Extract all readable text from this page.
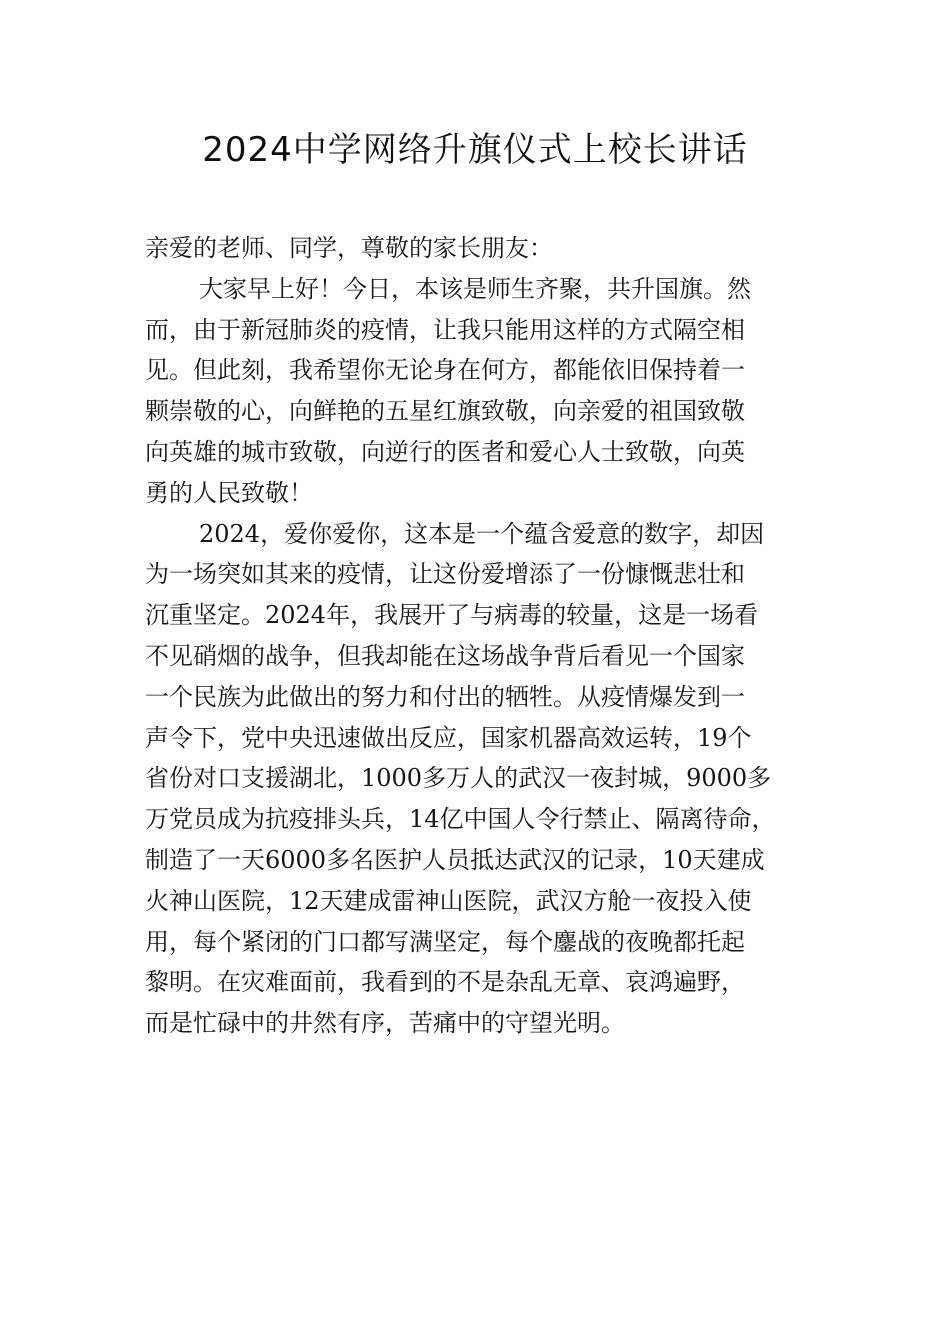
2024中学网络升旗仪式上校长讲话
亲爱的老师、同学，尊敬的家长朋友：
大家早上好！今日，本该是师生齐聚，共升国旗。然
而，由于新冠肺炎的疫情，让我只能用这样的方式隔空相
见。但此刻，我希望你无论身在何方，都能依旧保持着一
颗崇敬的心，向鲜艳的五星红旗致敬，向亲爱的祖国致敬
向英雄的城市致敬，向逆行的医者和爱心人士致敬，向英
勇的人民致敬！
2024，爱你爱你，这本是一个蕴含爱意的数字，却因
为一场突如其来的疫情，让这份爱增添了一份慷慨悲壮和
沉重坚定。2024年，我展开了与病毒的较量，这是一场看
不见硝烟的战争，但我却能在这场战争背后看见一个国家
一个民族为此做出的努力和付出的牺牲。从疫情爆发到一
声令下，党中央迅速做出反应，国家机器高效运转，19个
省份对口支援湖北，1000多万人的武汉一夜封城，9000多
万党员成为抗疫排头兵，14亿中国人令行禁止、隔离待命，
制造了一天6000多名医护人员抵达武汉的记录，10天建成
火神山医院，12天建成雷神山医院，武汉方舱一夜投入使
用，每个紧闭的门口都写满坚定，每个鏖战的夜晚都托起
黎明。在灾难面前，我看到的不是杂乱无章、哀鸿遍野，
而是忙碌中的井然有序，苦痛中的守望光明。
